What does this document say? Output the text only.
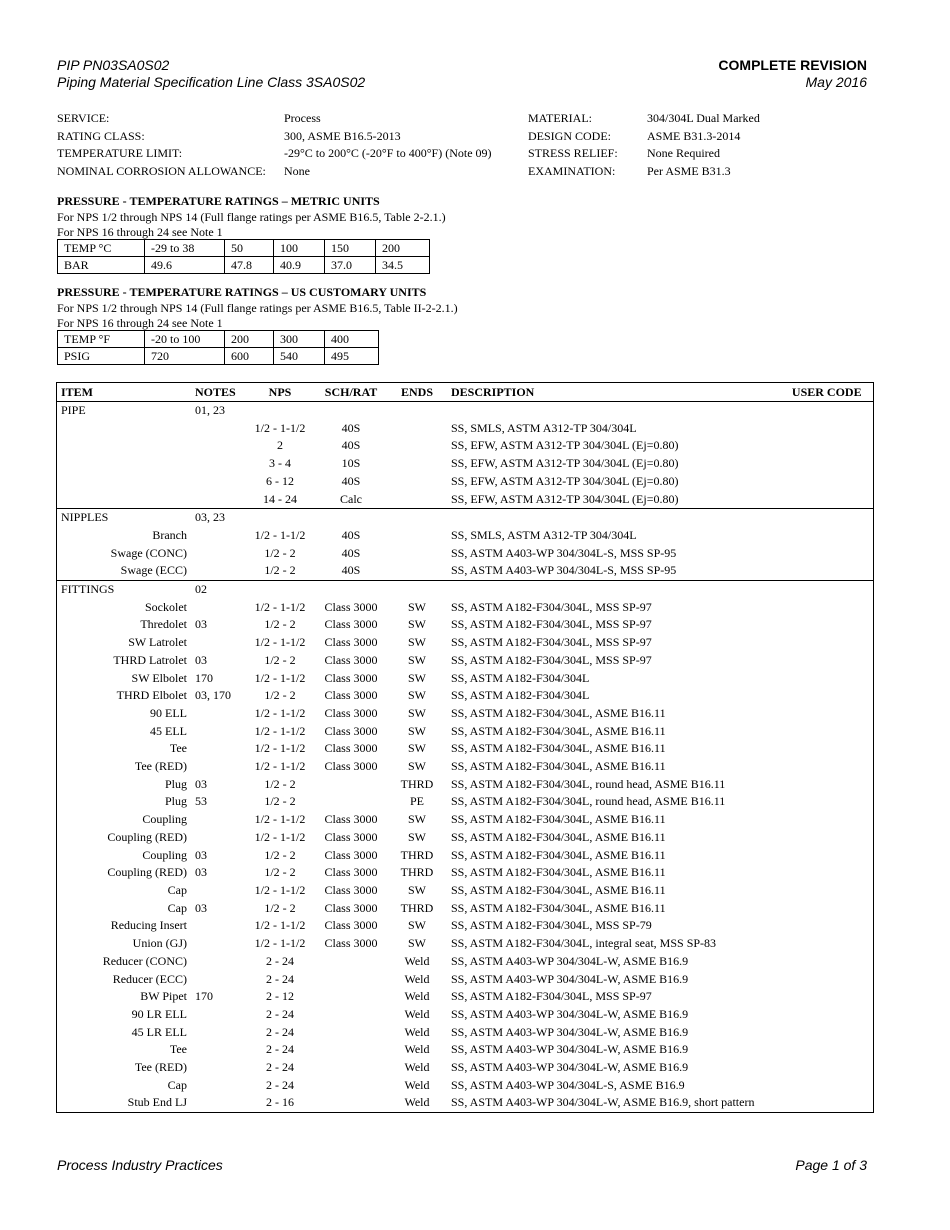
PIP PN03SA0S02
Piping Material Specification Line Class 3SA0S02
COMPLETE REVISION
May 2016
SERVICE:	Process
RATING CLASS:	300, ASME B16.5-2013
TEMPERATURE LIMIT:	-29°C to 200°C (-20°F to 400°F) (Note 09)
NOMINAL CORROSION ALLOWANCE: None
MATERIAL:	304/304L Dual Marked
DESIGN CODE:	ASME B31.3-2014
STRESS RELIEF: None Required
EXAMINATION:	Per ASME B31.3
PRESSURE - TEMPERATURE RATINGS – METRIC UNITS
For NPS 1/2 through NPS 14 (Full flange ratings per ASME B16.5, Table 2-2.1.)
For NPS 16 through 24 see Note 1
TEMP °C	-29 to 38	50	100	150	200
BAR	49.6	47.8	40.9	37.0	34.5
PRESSURE - TEMPERATURE RATINGS – US CUSTOMARY UNITS
For NPS 1/2 through NPS 14 (Full flange ratings per ASME B16.5, Table II-2-2.1.)
For NPS 16 through 24 see Note 1
TEMP °F	-20 to 100	200	300	400
PSIG	720	600	540	495
ITEM	NOTES	NPS	SCH/RAT	ENDS	DESCRIPTION	USER CODE
PIPE	01, 23					
		1/2 - 1-1/2	40S		SS, SMLS, ASTM A312-TP 304/304L	
		2	40S		SS, EFW, ASTM A312-TP 304/304L (Ej=0.80)	
		3 - 4	10S		SS, EFW, ASTM A312-TP 304/304L (Ej=0.80)	
		6 - 12	40S		SS, EFW, ASTM A312-TP 304/304L (Ej=0.80)	
		14 - 24	Calc		SS, EFW, ASTM A312-TP 304/304L (Ej=0.80)	
NIPPLES	03, 23					
Branch		1/2 - 1-1/2	40S		SS, SMLS, ASTM A312-TP 304/304L	
Swage (CONC)		1/2 - 2	40S		SS, ASTM A403-WP 304/304L-S, MSS SP-95	
Swage (ECC)		1/2 - 2	40S		SS, ASTM A403-WP 304/304L-S, MSS SP-95	
FITTINGS	02					
Sockolet		1/2 - 1-1/2	Class 3000	SW	SS, ASTM A182-F304/304L, MSS SP-97	
Thredolet	03	1/2 - 2	Class 3000	SW	SS, ASTM A182-F304/304L, MSS SP-97	
SW Latrolet		1/2 - 1-1/2	Class 3000	SW	SS, ASTM A182-F304/304L, MSS SP-97	
THRD Latrolet	03	1/2 - 2	Class 3000	SW	SS, ASTM A182-F304/304L, MSS SP-97	
SW Elbolet	170	1/2 - 1-1/2	Class 3000	SW	SS, ASTM A182-F304/304L	
THRD Elbolet	03, 170	1/2 - 2	Class 3000	SW	SS, ASTM A182-F304/304L	
90 ELL		1/2 - 1-1/2	Class 3000	SW	SS, ASTM A182-F304/304L, ASME B16.11	
45 ELL		1/2 - 1-1/2	Class 3000	SW	SS, ASTM A182-F304/304L, ASME B16.11	
Tee		1/2 - 1-1/2	Class 3000	SW	SS, ASTM A182-F304/304L, ASME B16.11	
Tee (RED)		1/2 - 1-1/2	Class 3000	SW	SS, ASTM A182-F304/304L, ASME B16.11	
Plug	03	1/2 - 2		THRD	SS, ASTM A182-F304/304L, round head, ASME B16.11	
Plug	53	1/2 - 2		PE	SS, ASTM A182-F304/304L, round head, ASME B16.11	
Coupling		1/2 - 1-1/2	Class 3000	SW	SS, ASTM A182-F304/304L, ASME B16.11	
Coupling (RED)		1/2 - 1-1/2	Class 3000	SW	SS, ASTM A182-F304/304L, ASME B16.11	
Coupling	03	1/2 - 2	Class 3000	THRD	SS, ASTM A182-F304/304L, ASME B16.11	
Coupling (RED)	03	1/2 - 2	Class 3000	THRD	SS, ASTM A182-F304/304L, ASME B16.11	
Cap		1/2 - 1-1/2	Class 3000	SW	SS, ASTM A182-F304/304L, ASME B16.11	
Cap	03	1/2 - 2	Class 3000	THRD	SS, ASTM A182-F304/304L, ASME B16.11	
Reducing Insert		1/2 - 1-1/2	Class 3000	SW	SS, ASTM A182-F304/304L, MSS SP-79	
Union (GJ)		1/2 - 1-1/2	Class 3000	SW	SS, ASTM A182-F304/304L, integral seat, MSS SP-83	
Reducer (CONC)		2 - 24		Weld	SS, ASTM A403-WP 304/304L-W, ASME B16.9	
Reducer (ECC)		2 - 24		Weld	SS, ASTM A403-WP 304/304L-W, ASME B16.9	
BW Pipet	170	2 - 12		Weld	SS, ASTM A182-F304/304L, MSS SP-97	
90 LR ELL		2 - 24		Weld	SS, ASTM A403-WP 304/304L-W, ASME B16.9	
45 LR ELL		2 - 24		Weld	SS, ASTM A403-WP 304/304L-W, ASME B16.9	
Tee		2 - 24		Weld	SS, ASTM A403-WP 304/304L-W, ASME B16.9	
Tee (RED)		2 - 24		Weld	SS, ASTM A403-WP 304/304L-W, ASME B16.9	
Cap		2 - 24		Weld	SS, ASTM A403-WP 304/304L-S, ASME B16.9	
Stub End LJ		2 - 16		Weld	SS, ASTM A403-WP 304/304L-W, ASME B16.9, short pattern	
Process Industry Practices	Page 1 of 3
